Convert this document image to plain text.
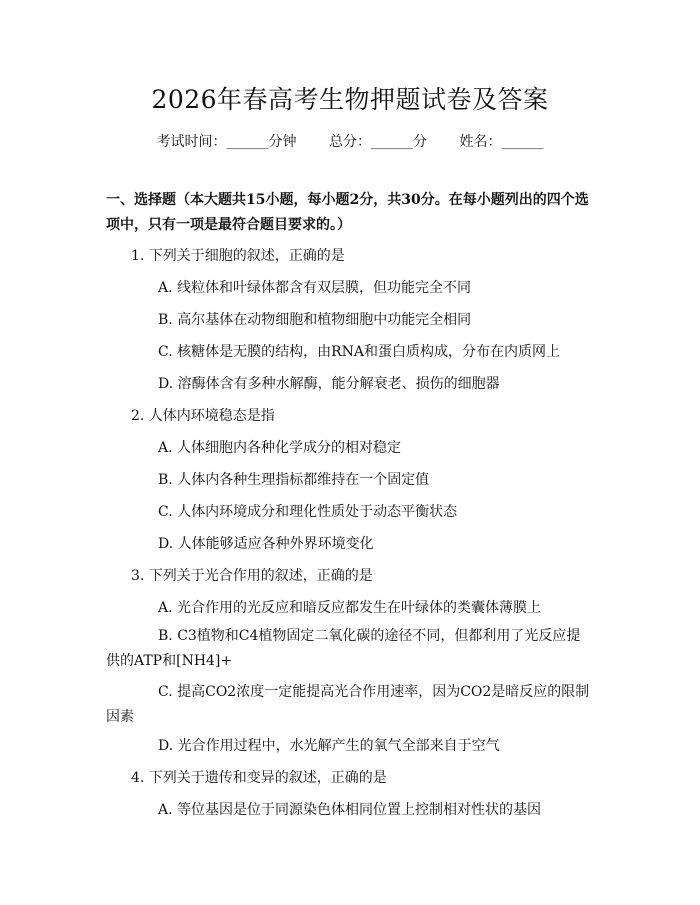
2026年春高考生物押题试卷及答案
考试时间：______分钟 总分：______分 姓名：______
一、选择题（本大题共15小题，每小题2分，共30分。在每小题列出的四个选项中，只有一项是最符合题目要求的。）
1. 下列关于细胞的叙述，正确的是
A. 线粒体和叶绿体都含有双层膜，但功能完全不同
B. 高尔基体在动物细胞和植物细胞中功能完全相同
C. 核糖体是无膜的结构，由RNA和蛋白质构成，分布在内质网上
D. 溶酶体含有多种水解酶，能分解衰老、损伤的细胞器
2. 人体内环境稳态是指
A. 人体细胞内各种化学成分的相对稳定
B. 人体内各种生理指标都维持在一个固定值
C. 人体内环境成分和理化性质处于动态平衡状态
D. 人体能够适应各种外界环境变化
3. 下列关于光合作用的叙述，正确的是
A. 光合作用的光反应和暗反应都发生在叶绿体的类囊体薄膜上
B. C3植物和C4植物固定二氧化碳的途径不同，但都利用了光反应提供的ATP和[NH4]+
C. 提高CO2浓度一定能提高光合作用速率，因为CO2是暗反应的限制因素
D. 光合作用过程中，水光解产生的氧气全部来自于空气
4. 下列关于遗传和变异的叙述，正确的是
A. 等位基因是位于同源染色体相同位置上控制相对性状的基因
